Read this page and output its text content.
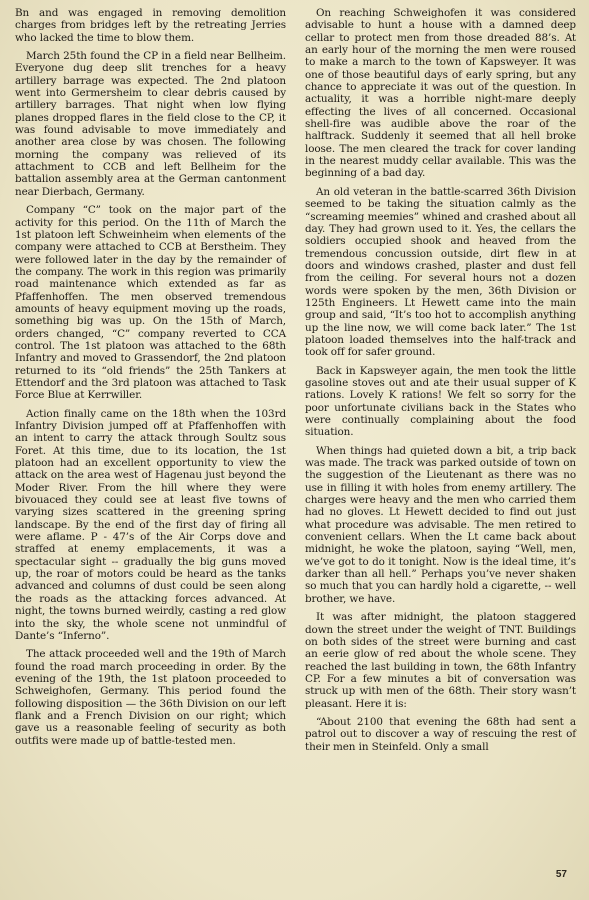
Bn and was engaged in removing demolition charges from bridges left by the retreating Jerries who lacked the time to blow them.

March 25th found the CP in a field near Bellheim. Everyone dug deep slit trenches for a heavy artillery barrage was expected. The 2nd platoon went into Germersheim to clear debris caused by artillery barrages. That night when low flying planes dropped flares in the field close to the CP, it was found advisable to move immediately and another area close by was chosen. The following morning the company was relieved of its attachment to CCB and left Bellheim for the battalion assembly area at the German cantonment near Dierbach, Germany.

Company “C” took on the major part of the activity for this period. On the 11th of March the 1st platoon left Schweinheim when elements of the company were attached to CCB at Berstheim. They were followed later in the day by the remainder of the company. The work in this region was primarily road maintenance which extended as far as Pfaffenhoffen. The men observed tremendous amounts of heavy equipment moving up the roads, something big was up. On the 15th of March, orders changed, “C” company reverted to CCA control. The 1st platoon was attached to the 68th Infantry and moved to Grassendorf, the 2nd platoon returned to its “old friends” the 25th Tankers at Ettendorf and the 3rd platoon was attached to Task Force Blue at Kerrwiller.

Action finally came on the 18th when the 103rd Infantry Division jumped off at Pfaffenhoffen with an intent to carry the attack through Soultz sous Foret. At this time, due to its location, the 1st platoon had an excellent opportunity to view the attack on the area west of Hagenau just beyond the Moder River. From the hill where they were bivouaced they could see at least five towns of varying sizes scattered in the greening spring landscape. By the end of the first day of firing all were aflame. P - 47’s of the Air Corps dove and straffed at enemy emplacements, it was a spectacular sight -- gradually the big guns moved up, the roar of motors could be heard as the tanks advanced and columns of dust could be seen along the roads as the attacking forces advanced. At night, the towns burned weirdly, casting a red glow into the sky, the whole scene not unmindful of Dante’s “Inferno”.

The attack proceeded well and the 19th of March found the road march proceeding in order. By the evening of the 19th, the 1st platoon proceeded to Schweighofen, Germany. This period found the following disposition — the 36th Division on our left flank and a French Division on our right; which gave us a reasonable feeling of security as both outfits were made up of battle-tested men.

On reaching Schweighofen it was considered advisable to hunt a house with a damned deep cellar to protect men from those dreaded 88’s. At an early hour of the morning the men were roused to make a march to the town of Kapsweyer. It was one of those beautiful days of early spring, but any chance to appreciate it was out of the question. In actuality, it was a horrible night-mare deeply effecting the lives of all concerned. Occasional shell-fire was audible above the roar of the halftrack. Suddenly it seemed that all hell broke loose. The men cleared the track for cover landing in the nearest muddy cellar available. This was the beginning of a bad day.

An old veteran in the battle-scarred 36th Division seemed to be taking the situation calmly as the “screaming meemies” whined and crashed about all day. They had grown used to it. Yes, the cellars the soldiers occupied shook and heaved from the tremendous concussion outside, dirt flew in at doors and windows crashed, plaster and dust fell from the ceiling. For several hours not a dozen words were spoken by the men, 36th Division or 125th Engineers. Lt Hewett came into the main group and said, “It’s too hot to accomplish anything up the line now, we will come back later.” The 1st platoon loaded themselves into the half-track and took off for safer ground.

Back in Kapsweyer again, the men took the little gasoline stoves out and ate their usual supper of K rations. Lovely K rations! We felt so sorry for the poor unfortunate civilians back in the States who were continually complaining about the food situation.

When things had quieted down a bit, a trip back was made. The track was parked outside of town on the suggestion of the Lieutenant as there was no use in filling it with holes from enemy artillery. The charges were heavy and the men who carried them had no gloves. Lt Hewett decided to find out just what procedure was advisable. The men retired to convenient cellars. When the Lt came back about midnight, he woke the platoon, saying “Well, men, we’ve got to do it tonight. Now is the ideal time, it’s darker than all hell.” Perhaps you’ve never shaken so much that you can hardly hold a cigarette, -- well brother, we have.

It was after midnight, the platoon staggered down the street under the weight of TNT. Buildings on both sides of the street were burning and cast an eerie glow of red about the whole scene. They reached the last building in town, the 68th Infantry CP. For a few minutes a bit of conversation was struck up with men of the 68th. Their story wasn’t pleasant. Here it is:

“About 2100 that evening the 68th had sent a patrol out to discover a way of rescuing the rest of their men in Steinfeld. Only a small

57
